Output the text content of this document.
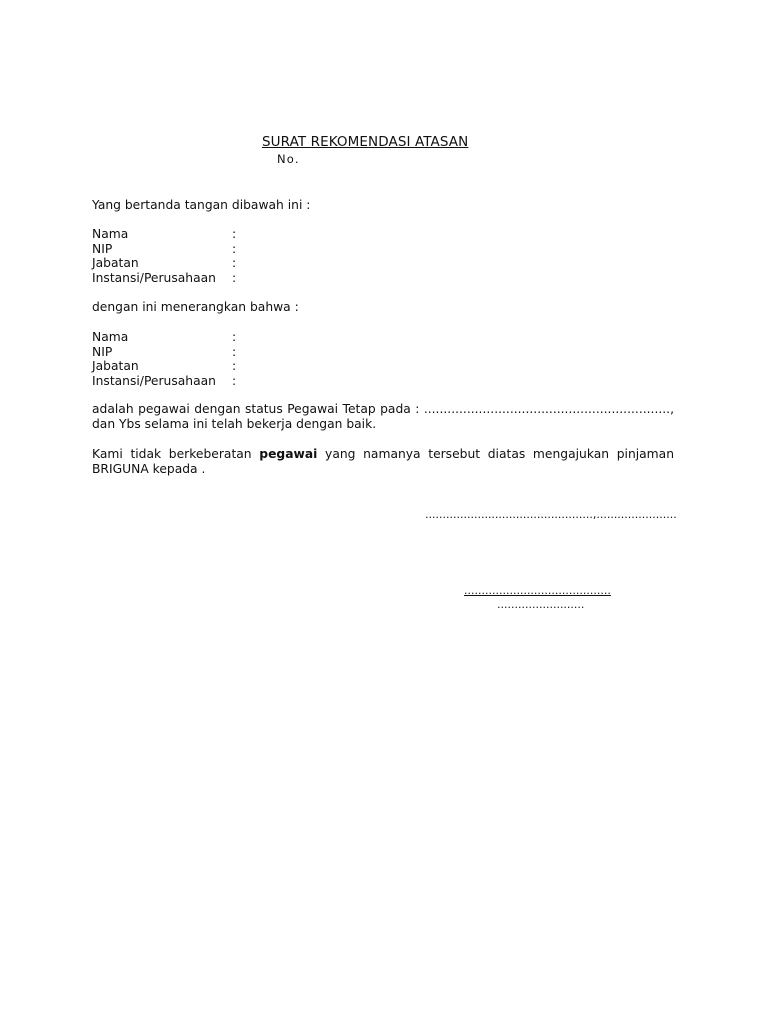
SURAT REKOMENDASI ATASAN
No.
Yang bertanda tangan dibawah ini :
Nama	:
NIP	:
Jabatan	:
Instansi/Perusahaan :
dengan ini menerangkan bahwa :
Nama	:
NIP	:
Jabatan	:
Instansi/Perusahaan :
adalah pegawai dengan status Pegawai Tetap pada : ..............................................................., dan Ybs selama ini telah bekerja dengan baik.
Kami tidak berkeberatan pegawai yang namanya tersebut diatas mengajukan pinjaman BRIGUNA kepada .
................................................,.......................
..........................................
.........................
